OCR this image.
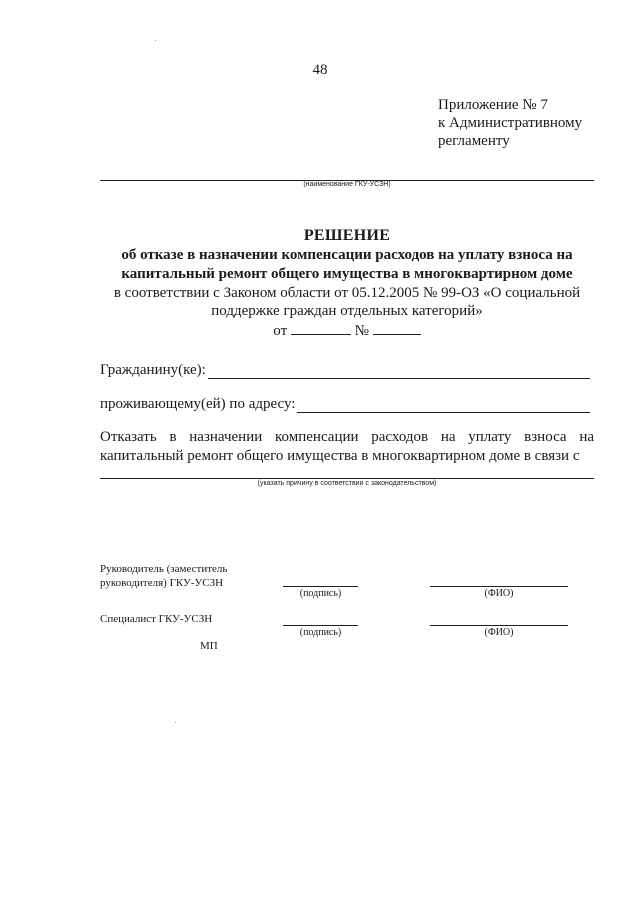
48
Приложение № 7
к Административному
регламенту
(наименование ГКУ-УСЗН)
РЕШЕНИЕ
об отказе в назначении компенсации расходов на уплату взноса на
капитальный ремонт общего имущества в многоквартирном доме
в соответствии с Законом области от 05.12.2005 № 99-ОЗ «О социальной
поддержке граждан отдельных категорий»
от	№
Гражданину(ке):
проживающему(ей) по адресу:
Отказать в назначении компенсации расходов на уплату взноса на
капитальный ремонт общего имущества в многоквартирном доме в связи с
(указать причину в соответствии с законодательством)
Руководитель (заместитель
руководителя) ГКУ-УСЗН
(подпись)	(ФИО)
Специалист ГКУ-УСЗН
(подпись)	(ФИО)
МП
